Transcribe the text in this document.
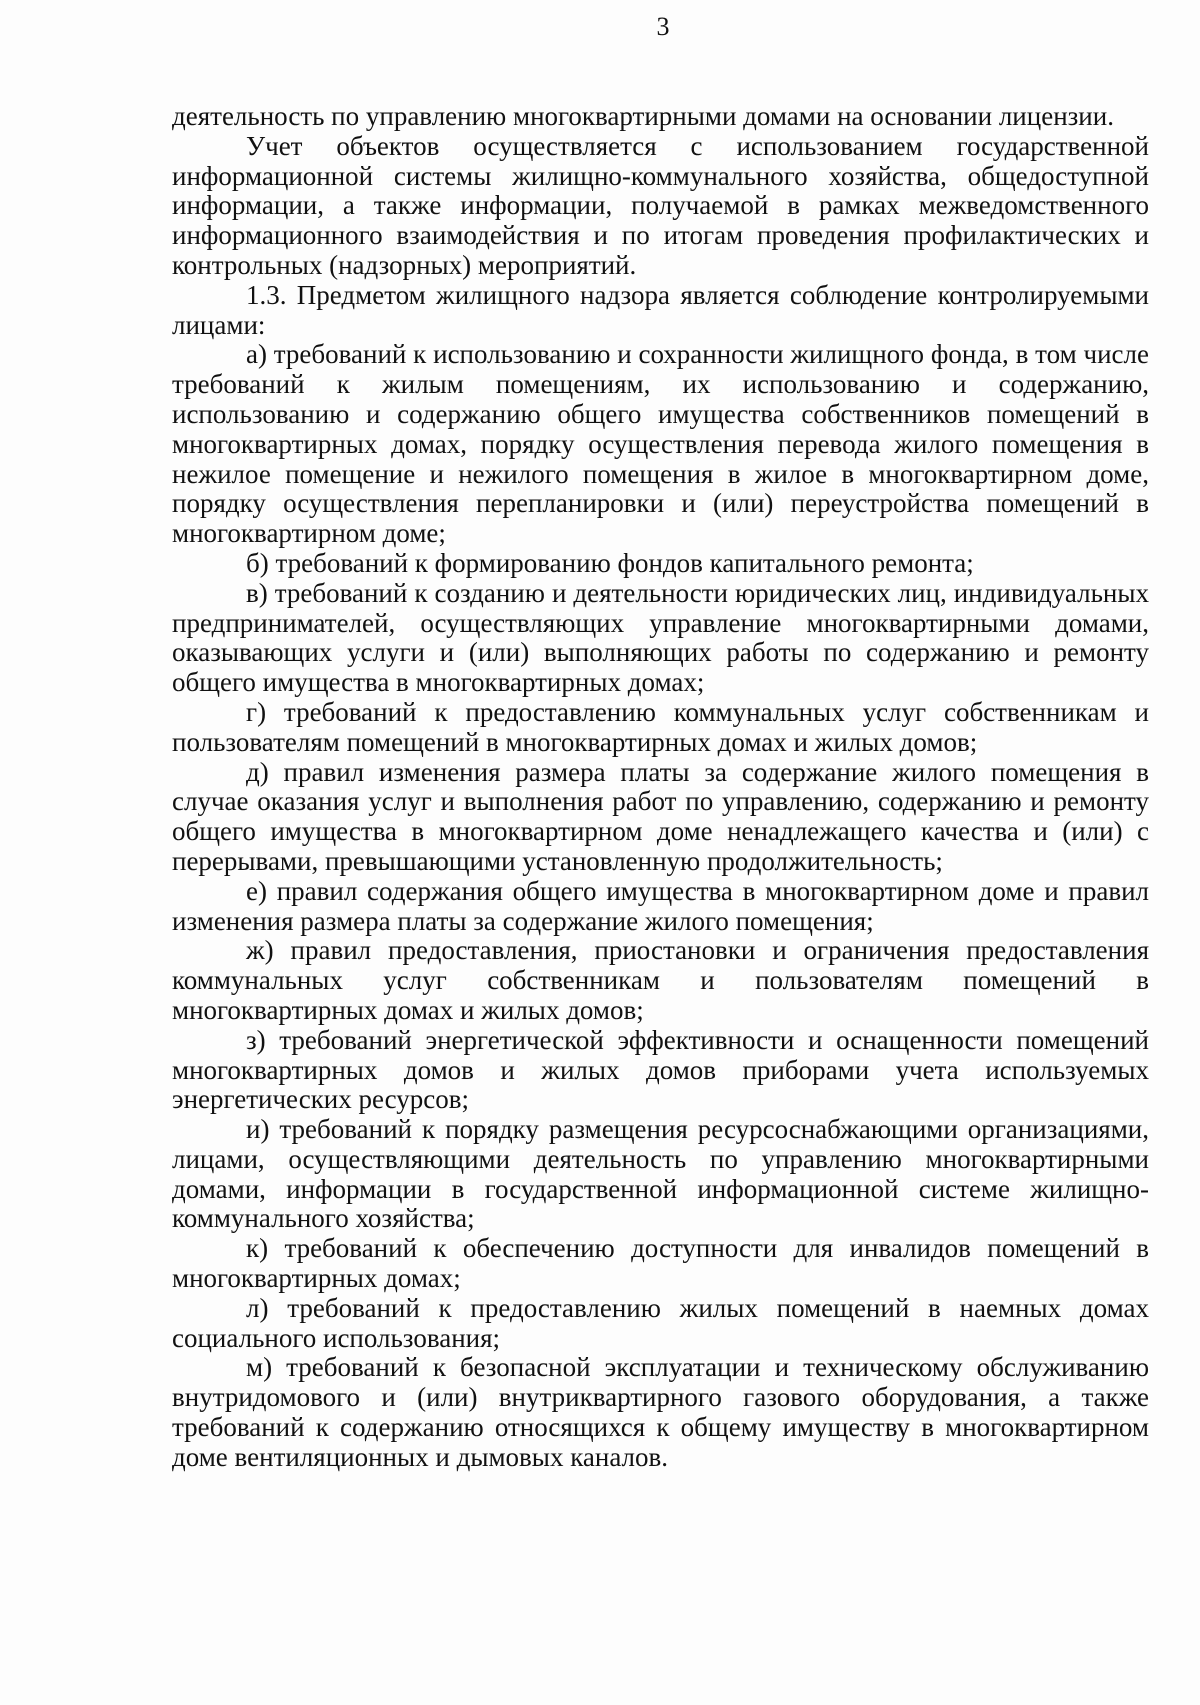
3

деятельность по управлению многоквартирными домами на основании лицензии.

Учет объектов осуществляется с использованием государственной информационной системы жилищно-коммунального хозяйства, общедоступной информации, а также информации, получаемой в рамках межведомственного информационного взаимодействия и по итогам проведения профилактических и контрольных (надзорных) мероприятий.

1.3. Предметом жилищного надзора является соблюдение контролируемыми лицами:

а) требований к использованию и сохранности жилищного фонда, в том числе требований к жилым помещениям, их использованию и содержанию, использованию и содержанию общего имущества собственников помещений в многоквартирных домах, порядку осуществления перевода жилого помещения в нежилое помещение и нежилого помещения в жилое в многоквартирном доме, порядку осуществления перепланировки и (или) переустройства помещений в многоквартирном доме;

б) требований к формированию фондов капитального ремонта;

в) требований к созданию и деятельности юридических лиц, индивидуальных предпринимателей, осуществляющих управление многоквартирными домами, оказывающих услуги и (или) выполняющих работы по содержанию и ремонту общего имущества в многоквартирных домах;

г) требований к предоставлению коммунальных услуг собственникам и пользователям помещений в многоквартирных домах и жилых домов;

д) правил изменения размера платы за содержание жилого помещения в случае оказания услуг и выполнения работ по управлению, содержанию и ремонту общего имущества в многоквартирном доме ненадлежащего качества и (или) с перерывами, превышающими установленную продолжительность;

е) правил содержания общего имущества в многоквартирном доме и правил изменения размера платы за содержание жилого помещения;

ж) правил предоставления, приостановки и ограничения предоставления коммунальных услуг собственникам и пользователям помещений в многоквартирных домах и жилых домов;

з) требований энергетической эффективности и оснащенности помещений многоквартирных домов и жилых домов приборами учета используемых энергетических ресурсов;

и) требований к порядку размещения ресурсоснабжающими организациями, лицами, осуществляющими деятельность по управлению многоквартирными домами, информации в государственной информационной системе жилищно-коммунального хозяйства;

к) требований к обеспечению доступности для инвалидов помещений в многоквартирных домах;

л) требований к предоставлению жилых помещений в наемных домах социального использования;

м) требований к безопасной эксплуатации и техническому обслуживанию внутридомового и (или) внутриквартирного газового оборудования, а также требований к содержанию относящихся к общему имуществу в многоквартирном доме вентиляционных и дымовых каналов.
